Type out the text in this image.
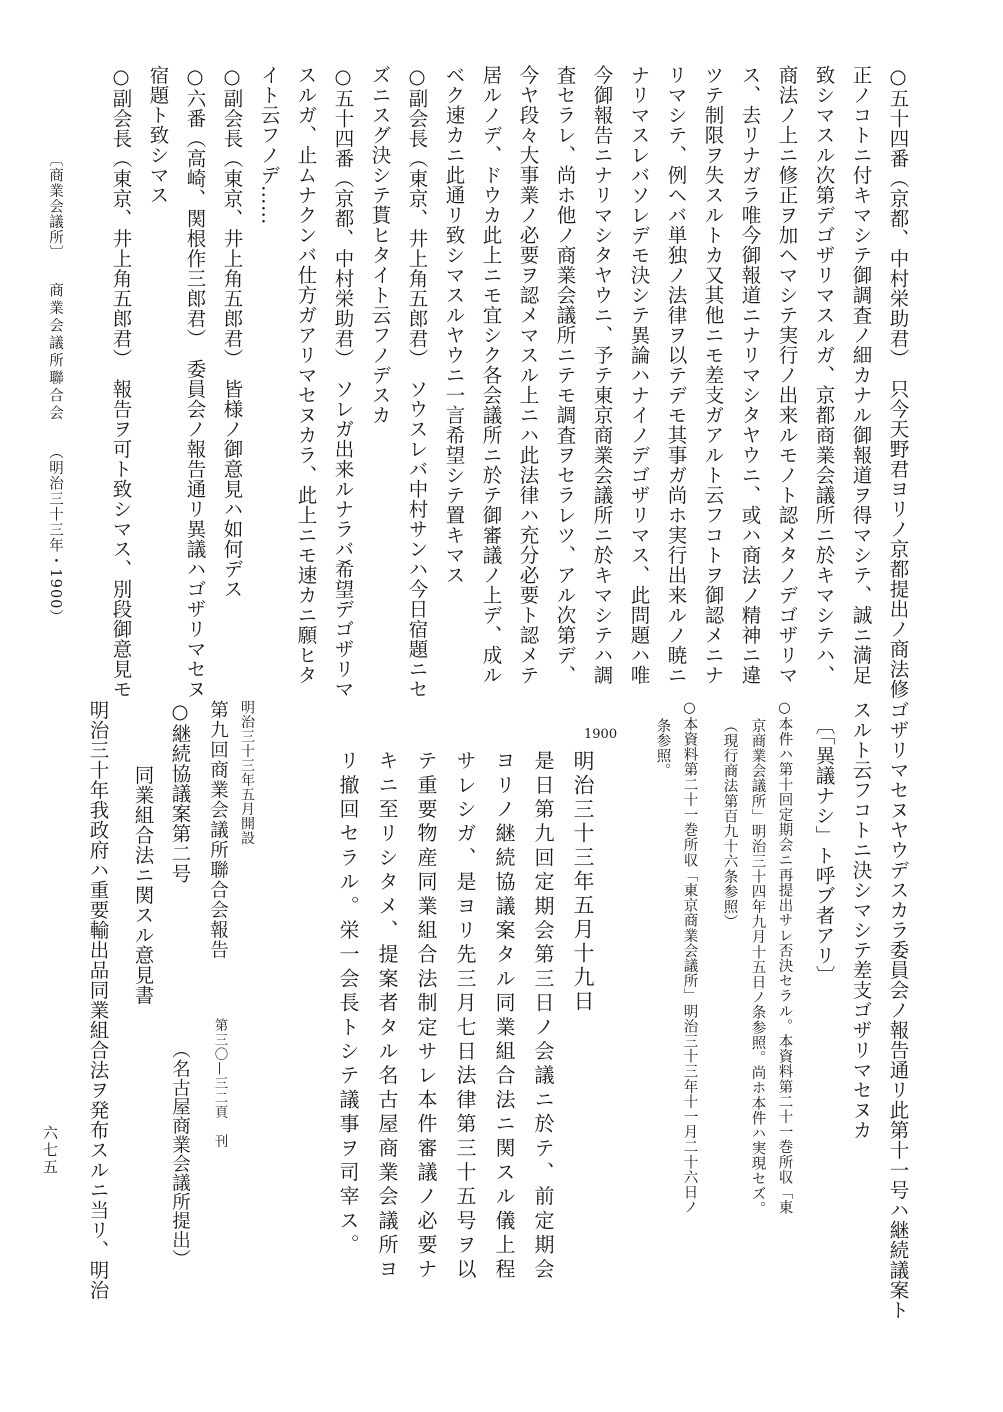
〔商業会議所〕商業会議所聯合会（明治三十三年・1900）	○五十四番（京都、中村栄助君）　只今天野君ヨリノ京都提出ノ商法修
正ノコトニ付キマシテ御調査ノ細カナル御報道ヲ得マシテ、誠ニ満足
致シマスル次第デゴザリマスルガ、京都商業会議所ニ於キマシテハ、
商法ノ上ニ修正ヲ加ヘマシテ実行ノ出来ルモノト認メタノデゴザリマ
ス、去リナガラ唯今御報道ニナリマシタヤウニ、或ハ商法ノ精神ニ違
ツテ制限ヲ失スルトカ又其他ニモ差支ガアルト云フコトヲ御認メニナ
リマシテ、例ヘバ単独ノ法律ヲ以テデモ其事ガ尚ホ実行出来ルノ暁ニ
ナリマスレバソレデモ決シテ異論ハナイノデゴザリマス、此問題ハ唯
今御報告ニナリマシタヤウニ、予テ東京商業会議所ニ於キマシテハ調
査セラレ、尚ホ他ノ商業会議所ニテモ調査ヲセラレツ、アル次第デ、
今ヤ段々大事業ノ必要ヲ認メマスル上ニハ此法律ハ充分必要ト認メテ
居ルノデ、ドウカ此上ニモ宜シク各会議所ニ於テ御審議ノ上デ、成ル
ベク速カニ此通リ致シマスルヤウニ一言希望シテ置キマス
○副会長（東京、井上角五郎君）　ソウスレバ中村サンハ今日宿題ニセ
ズニスグ決シテ貰ヒタイト云フノデスカ
○五十四番（京都、中村栄助君）　ソレガ出来ルナラバ希望デゴザリマ
スルガ、止ムナクンバ仕方ガアリマセヌカラ、此上ニモ速カニ願ヒタ
イト云フノデ……
○副会長（東京、井上角五郎君）　皆様ノ御意見ハ如何デス
○六番（高崎、関根作三郎君）　委員会ノ報告通リ異議ハゴザリマセヌ
宿題ト致シマス
○副会長（東京、井上角五郎君）　報告ヲ可ト致シマス、別段御意見モ
ゴザリマセヌヤウデスカラ委員会ノ報告通リ此第十一号ハ継続議案ト
スルト云フコトニ決シマシテ差支ゴザリマセヌカ
〔「異議ナシ」ト呼ブ者アリ〕
○本件ハ第十回定期会ニ再提出サレ否決セラル。本資料第二十一巻所収「東
京商業会議所」明治三十四年九月十五日ノ条参照。尚ホ本件ハ実現セズ。
（現行商法第百九十六条参照）
○本資料第二十一巻所収「東京商業会議所」明治三十三年十一月二十六日ノ
条参照。
1900
明治三十三年五月十九日
是日第九回定期会第三日ノ会議ニ於テ、前定期会
ヨリノ継続協議案タル同業組合法ニ関スル儀上程
サレシガ、是ヨリ先三月七日法律第三十五号ヲ以
テ重要物産同業組合法制定サレ本件審議ノ必要ナ
キニ至リシタメ、提案者タル名古屋商業会議所ヨ
リ撤回セラル。栄一会長トシテ議事ヲ司宰ス。
明治三十三年五月開設
第九回商業会議所聯合会報告
第三〇—三二頁　刊
○継続協議案第二号
同業組合法ニ関スル意見書
（名古屋商業会議所提出）
明治三十年我政府ハ重要輸出品同業組合法ヲ発布スルニ当リ、明治
六七五
